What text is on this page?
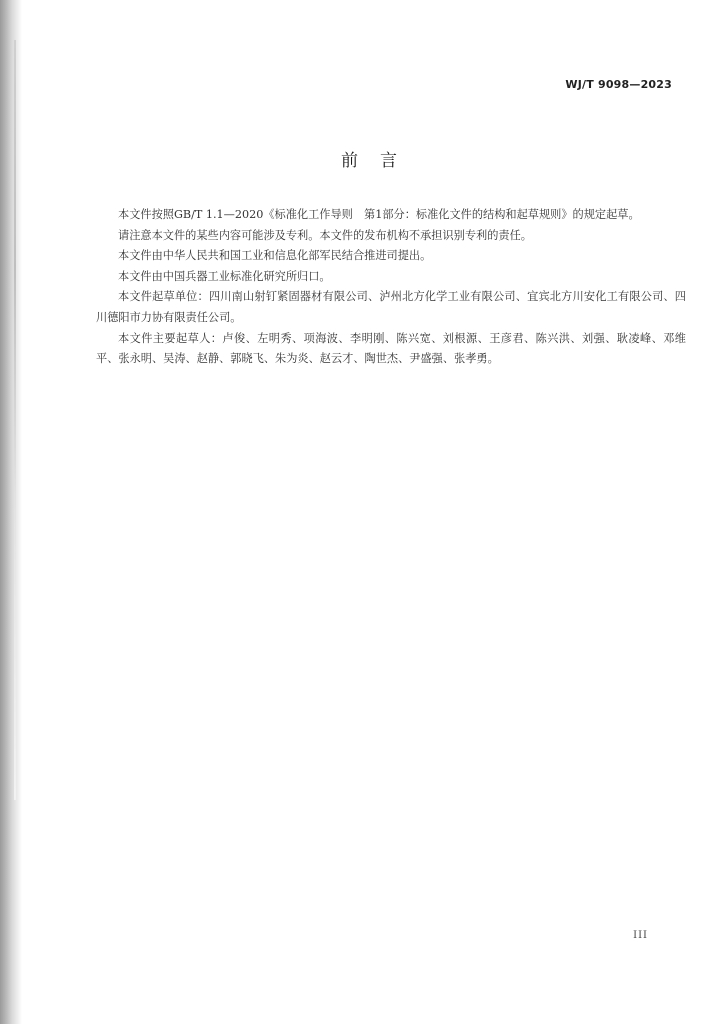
WJ/T 9098—2023
前言

本文件按照GB/T 1.1—2020《标准化工作导则　第1部分：标准化文件的结构和起草规则》的规定起草。

请注意本文件的某些内容可能涉及专利。本文件的发布机构不承担识别专利的责任。

本文件由中华人民共和国工业和信息化部军民结合推进司提出。

本文件由中国兵器工业标准化研究所归口。

本文件起草单位：四川南山射钉紧固器材有限公司、泸州北方化学工业有限公司、宜宾北方川安化工有限公司、四川德阳市力协有限责任公司。

本文件主要起草人：卢俊、左明秀、项海波、李明刚、陈兴宽、刘根源、王彦君、陈兴洪、刘强、耿凌峰、邓维平、张永明、吴涛、赵静、郭晓飞、朱为炎、赵云才、陶世杰、尹盛强、张孝勇。

III
